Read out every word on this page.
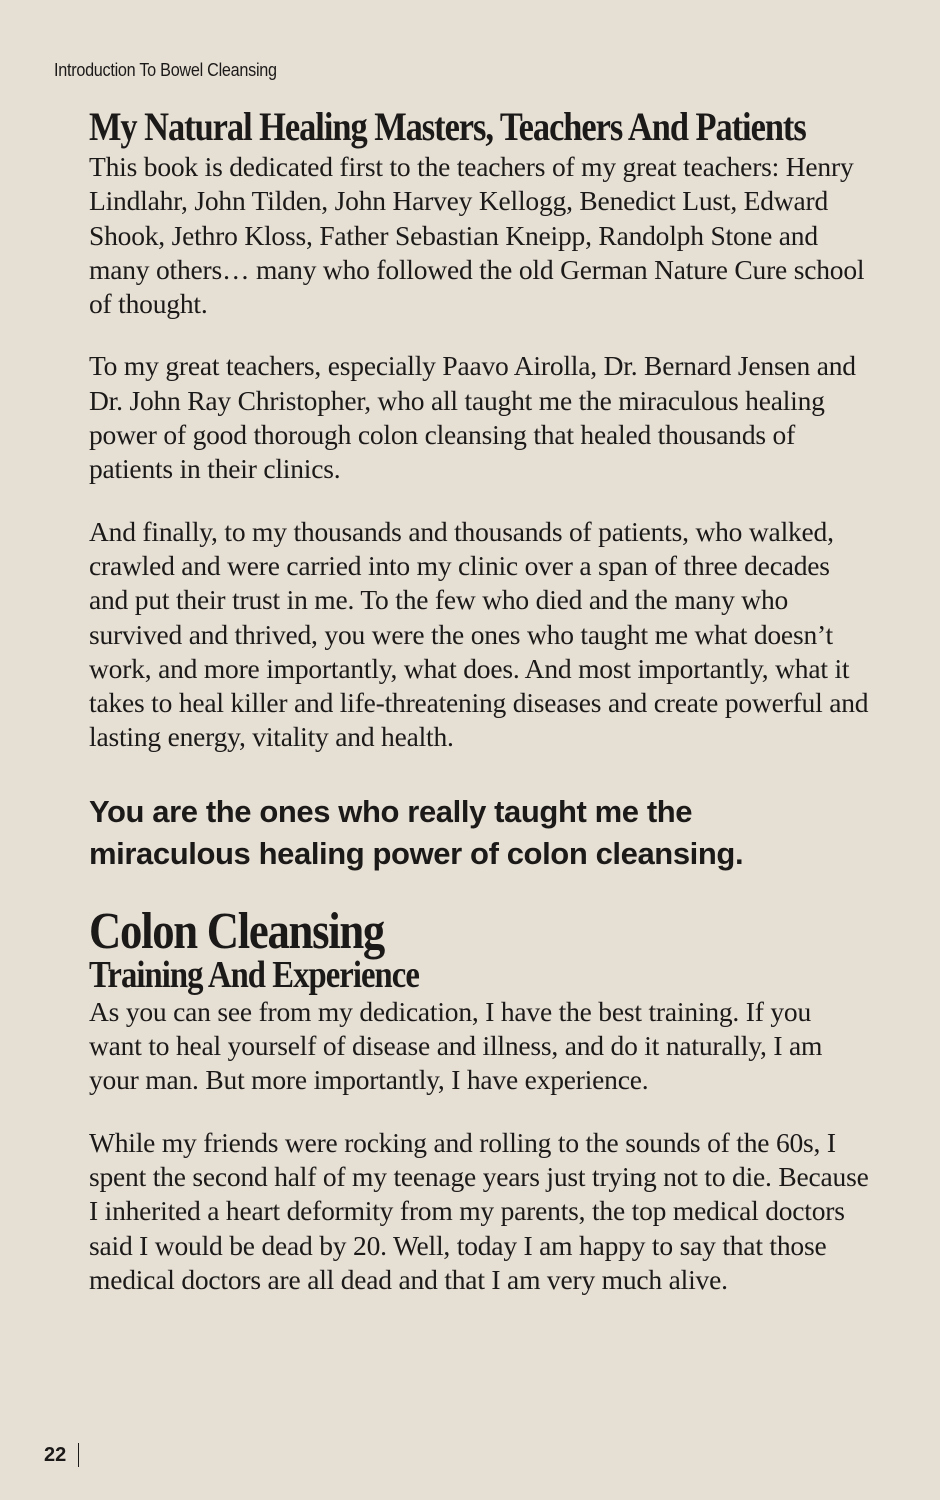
Introduction To Bowel Cleansing
My Natural Healing Masters, Teachers And Patients

This book is dedicated first to the teachers of my great teachers: Henry Lindlahr, John Tilden, John Harvey Kellogg, Benedict Lust, Edward Shook, Jethro Kloss, Father Sebastian Kneipp, Randolph Stone and many others… many who followed the old German Nature Cure school of thought.

To my great teachers, especially Paavo Airolla, Dr. Bernard Jensen and Dr. John Ray Christopher, who all taught me the miraculous healing power of good thorough colon cleansing that healed thousands of patients in their clinics.

And finally, to my thousands and thousands of patients, who walked, crawled and were carried into my clinic over a span of three decades and put their trust in me. To the few who died and the many who survived and thrived, you were the ones who taught me what doesn’t work, and more importantly, what does. And most importantly, what it takes to heal killer and life-threatening diseases and create powerful and lasting energy, vitality and health.

You are the ones who really taught me the miraculous healing power of colon cleansing.

Colon Cleansing
Training And Experience

As you can see from my dedication, I have the best training. If you want to heal yourself of disease and illness, and do it naturally, I am your man. But more importantly, I have experience.

While my friends were rocking and rolling to the sounds of the 60s, I spent the second half of my teenage years just trying not to die. Because I inherited a heart deformity from my parents, the top medical doctors said I would be dead by 20. Well, today I am happy to say that those medical doctors are all dead and that I am very much alive.

22
